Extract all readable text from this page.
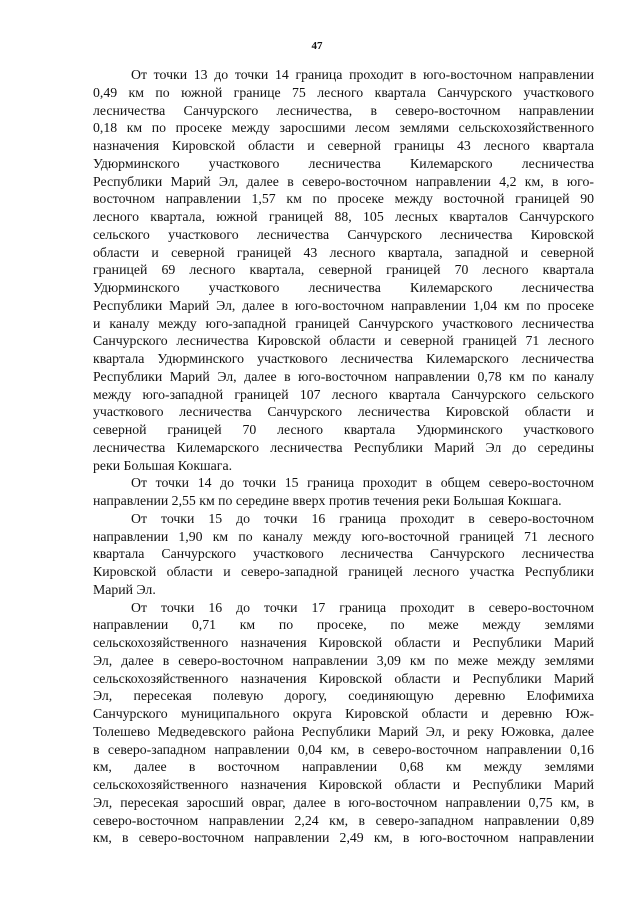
47

От точки 13 до точки 14 граница проходит в юго-восточном направлении
0,49 км по южной границе 75 лесного квартала Санчурского участкового
лесничества Санчурского лесничества, в северо-восточном направлении
0,18 км по просеке между заросшими лесом землями сельскохозяйственного
назначения Кировской области и северной границы 43 лесного квартала
Удюрминского участкового лесничества Килемарского лесничества
Республики Марий Эл, далее в северо-восточном направлении 4,2 км, в юго-
восточном направлении 1,57 км по просеке между восточной границей 90
лесного квартала, южной границей 88, 105 лесных кварталов Санчурского
сельского участкового лесничества Санчурского лесничества Кировской
области и северной границей 43 лесного квартала, западной и северной
границей 69 лесного квартала, северной границей 70 лесного квартала
Удюрминского участкового лесничества Килемарского лесничества
Республики Марий Эл, далее в юго-восточном направлении 1,04 км по просеке
и каналу между юго-западной границей Санчурского участкового лесничества
Санчурского лесничества Кировской области и северной границей 71 лесного
квартала Удюрминского участкового лесничества Килемарского лесничества
Республики Марий Эл, далее в юго-восточном направлении 0,78 км по каналу
между юго-западной границей 107 лесного квартала Санчурского сельского
участкового лесничества Санчурского лесничества Кировской области и
северной границей 70 лесного квартала Удюрминского участкового
лесничества Килемарского лесничества Республики Марий Эл до середины
реки Большая Кокшага.

От точки 14 до точки 15 граница проходит в общем северо-восточном
направлении 2,55 км по середине вверх против течения реки Большая Кокшага.

От точки 15 до точки 16 граница проходит в северо-восточном
направлении 1,90 км по каналу между юго-восточной границей 71 лесного
квартала Санчурского участкового лесничества Санчурского лесничества
Кировской области и северо-западной границей лесного участка Республики
Марий Эл.

От точки 16 до точки 17 граница проходит в северо-восточном
направлении 0,71 км по просеке, по меже между землями
сельскохозяйственного назначения Кировской области и Республики Марий
Эл, далее в северо-восточном направлении 3,09 км по меже между землями
сельскохозяйственного назначения Кировской области и Республики Марий
Эл, пересекая полевую дорогу, соединяющую деревню Елофимиха
Санчурского муниципального округа Кировской области и деревню Юж-
Толешево Медведевского района Республики Марий Эл, и реку Южовка, далее
в северо-западном направлении 0,04 км, в северо-восточном направлении 0,16
км, далее в восточном направлении 0,68 км между землями
сельскохозяйственного назначения Кировской области и Республики Марий
Эл, пересекая заросший овраг, далее в юго-восточном направлении 0,75 км, в
северо-восточном направлении 2,24 км, в северо-западном направлении 0,89
км, в северо-восточном направлении 2,49 км, в юго-восточном направлении
